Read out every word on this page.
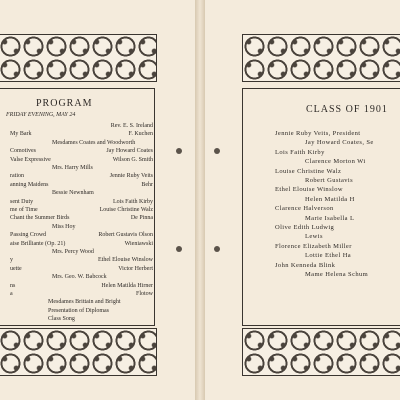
PROGRAM
FRIDAY EVENING, MAY 24
Rev. E. S. Ireland
My Bark	F. Kuchen
Mesdames Coates and Woodworth
Comotives	Jay Howard Coates
Valse Expressive	Wilson G. Smith
Mrs. Harry Mills
ration	Jennie Ruby Veits
anning Maidens	Behr
Bessie Newnham
sent Duty	Lois Faith Kirby
me of Time	Louise Christine Walz
Chant the Summer Birds	De Pinna
Miss Hoy
Passing Crowd	Robert Gustavis Olson
aise Brilliante (Op. 21)	Wieniawski
Mrs. Percy Wood
y	Ethel Elouise Winslow
uette	Victor Herbert
Mrs. Geo. W. Babcock
ns	Helen Matilda Hirner
a	Flotow
Mesdames Brittain and Bright
Presentation of Diplomas
Class Song
CLASS OF 1901
Jennie Ruby Veits, President
Jay Howard Coates, Se
Lois Faith Kirby
Clarence Morton Wi
Louise Christine Walz
Robert Gustavis
Ethel Elouise Winslow
Helen Matilda H
Clarence Halverson
Marie Isabella L
Olive Edith Ludwig
Lewis
Florence Elizabeth Miller
Lottie Ethel Ha
John Kenneda Blink
Mame Helena Schum
